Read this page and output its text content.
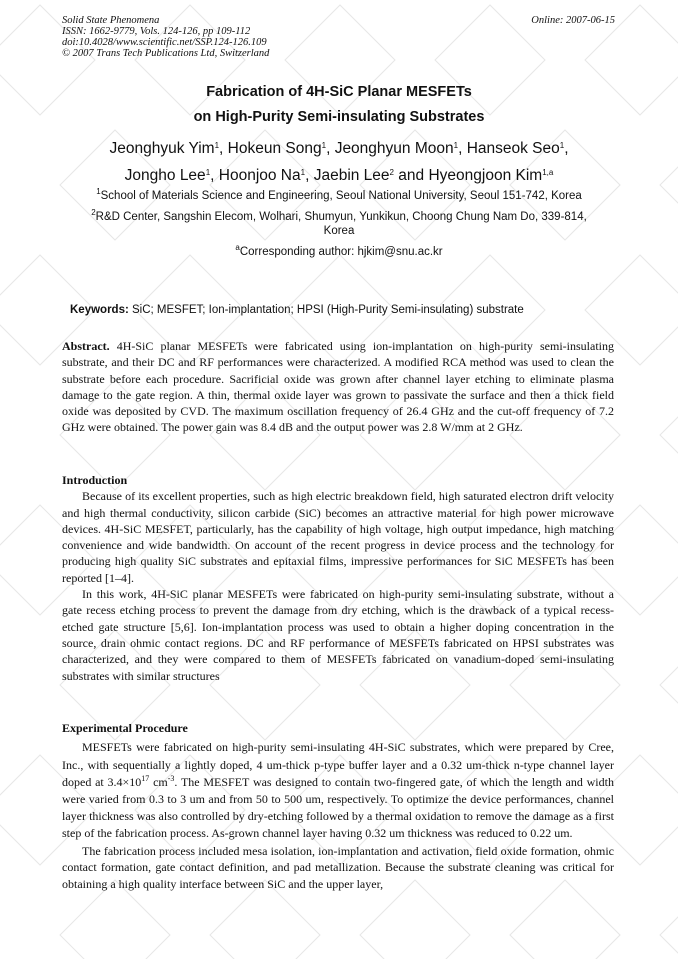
Solid State Phenomena
ISSN: 1662-9779, Vols. 124-126, pp 109-112
doi:10.4028/www.scientific.net/SSP.124-126.109
© 2007 Trans Tech Publications Ltd, Switzerland
Online: 2007-06-15
Fabrication of 4H-SiC Planar MESFETs
on High-Purity Semi-insulating Substrates
Jeonghyuk Yim$^1$, Hokeun Song$^1$, Jeonghyun Moon$^1$, Hanseok Seo$^1$,
Jongho Lee$^1$, Hoonjoo Na$^1$, Jaebin Lee$^2$ and Hyeongjoon Kim$^{1,a}$
$^1$School of Materials Science and Engineering, Seoul National University, Seoul 151-742, Korea
$^2$R&D Center, Sangshin Elecom, Wolhari, Shumyun, Yunkikun, Choong Chung Nam Do, 339-814,
Korea
$^a$Corresponding author: hjkim@snu.ac.kr
Keywords: SiC; MESFET; Ion-implantation; HPSI (High-Purity Semi-insulating) substrate

Abstract. 4H-SiC planar MESFETs were fabricated using ion-implantation on high-purity semi-insulating substrate, and their DC and RF performances were characterized. A modified RCA method was used to clean the substrate before each procedure. Sacrificial oxide was grown after channel layer etching to eliminate plasma damage to the gate region. A thin, thermal oxide layer was grown to passivate the surface and then a thick field oxide was deposited by CVD. The maximum oscillation frequency of 26.4 GHz and the cut-off frequency of 7.2 GHz were obtained. The power gain was 8.4 dB and the output power was 2.8 W/mm at 2 GHz.

Introduction

Because of its excellent properties, such as high electric breakdown field, high saturated electron drift velocity and high thermal conductivity, silicon carbide (SiC) becomes an attractive material for high power microwave devices. 4H-SiC MESFET, particularly, has the capability of high voltage, high output impedance, high matching convenience and wide bandwidth. On account of the recent progress in device process and the technology for producing high quality SiC substrates and epitaxial films, impressive performances for SiC MESFETs has been reported [1–4].

In this work, 4H-SiC planar MESFETs were fabricated on high-purity semi-insulating substrate, without a gate recess etching process to prevent the damage from dry etching, which is the drawback of a typical recess-etched gate structure [5,6]. Ion-implantation process was used to obtain a higher doping concentration in the source, drain ohmic contact regions. DC and RF performance of MESFETs fabricated on HPSI substrates was characterized, and they were compared to them of MESFETs fabricated on vanadium-doped semi-insulating substrates with similar structures

Experimental Procedure

MESFETs were fabricated on high-purity semi-insulating 4H-SiC substrates, which were prepared by Cree, Inc., with sequentially a lightly doped, 4 um-thick p-type buffer layer and a 0.32 um-thick n-type channel layer doped at $3.4\times 10^{17}$ $cm^{-3}$. The MESFET was designed to contain two-fingered gate, of which the length and width were varied from 0.3 to 3 um and from 50 to 500 um, respectively. To optimize the device performances, channel layer thickness was also controlled by dry-etching followed by a thermal oxidation to remove the damage as a first step of the fabrication process. As-grown channel layer having 0.32 um thickness was reduced to 0.22 um.

The fabrication process included mesa isolation, ion-implantation and activation, field oxide formation, ohmic contact formation, gate contact definition, and pad metallization. Because the substrate cleaning was critical for obtaining a high quality interface between SiC and the upper layer,
